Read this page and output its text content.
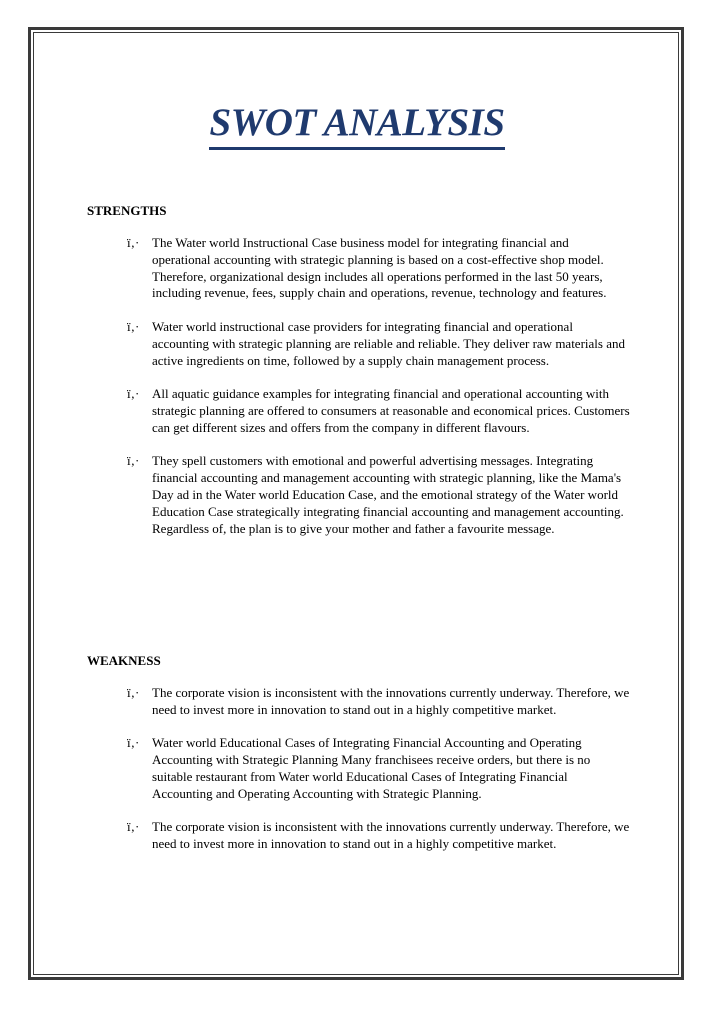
SWOT ANALYSIS
STRENGTHS
ï‚· The Water world Instructional Case business model for integrating financial and operational accounting with strategic planning is based on a cost-effective shop model. Therefore, organizational design includes all operations performed in the last 50 years, including revenue, fees, supply chain and operations, revenue, technology and features.
ï‚· Water world instructional case providers for integrating financial and operational accounting with strategic planning are reliable and reliable. They deliver raw materials and active ingredients on time, followed by a supply chain management process.
ï‚· All aquatic guidance examples for integrating financial and operational accounting with strategic planning are offered to consumers at reasonable and economical prices. Customers can get different sizes and offers from the company in different flavours.
ï‚· They spell customers with emotional and powerful advertising messages. Integrating financial accounting and management accounting with strategic planning, like the Mama's Day ad in the Water world Education Case, and the emotional strategy of the Water world Education Case strategically integrating financial accounting and management accounting. Regardless of, the plan is to give your mother and father a favourite message.
WEAKNESS
ï‚· The corporate vision is inconsistent with the innovations currently underway. Therefore, we need to invest more in innovation to stand out in a highly competitive market.
ï‚· Water world Educational Cases of Integrating Financial Accounting and Operating Accounting with Strategic Planning Many franchisees receive orders, but there is no suitable restaurant from Water world Educational Cases of Integrating Financial Accounting and Operating Accounting with Strategic Planning.
ï‚· The corporate vision is inconsistent with the innovations currently underway. Therefore, we need to invest more in innovation to stand out in a highly competitive market.
